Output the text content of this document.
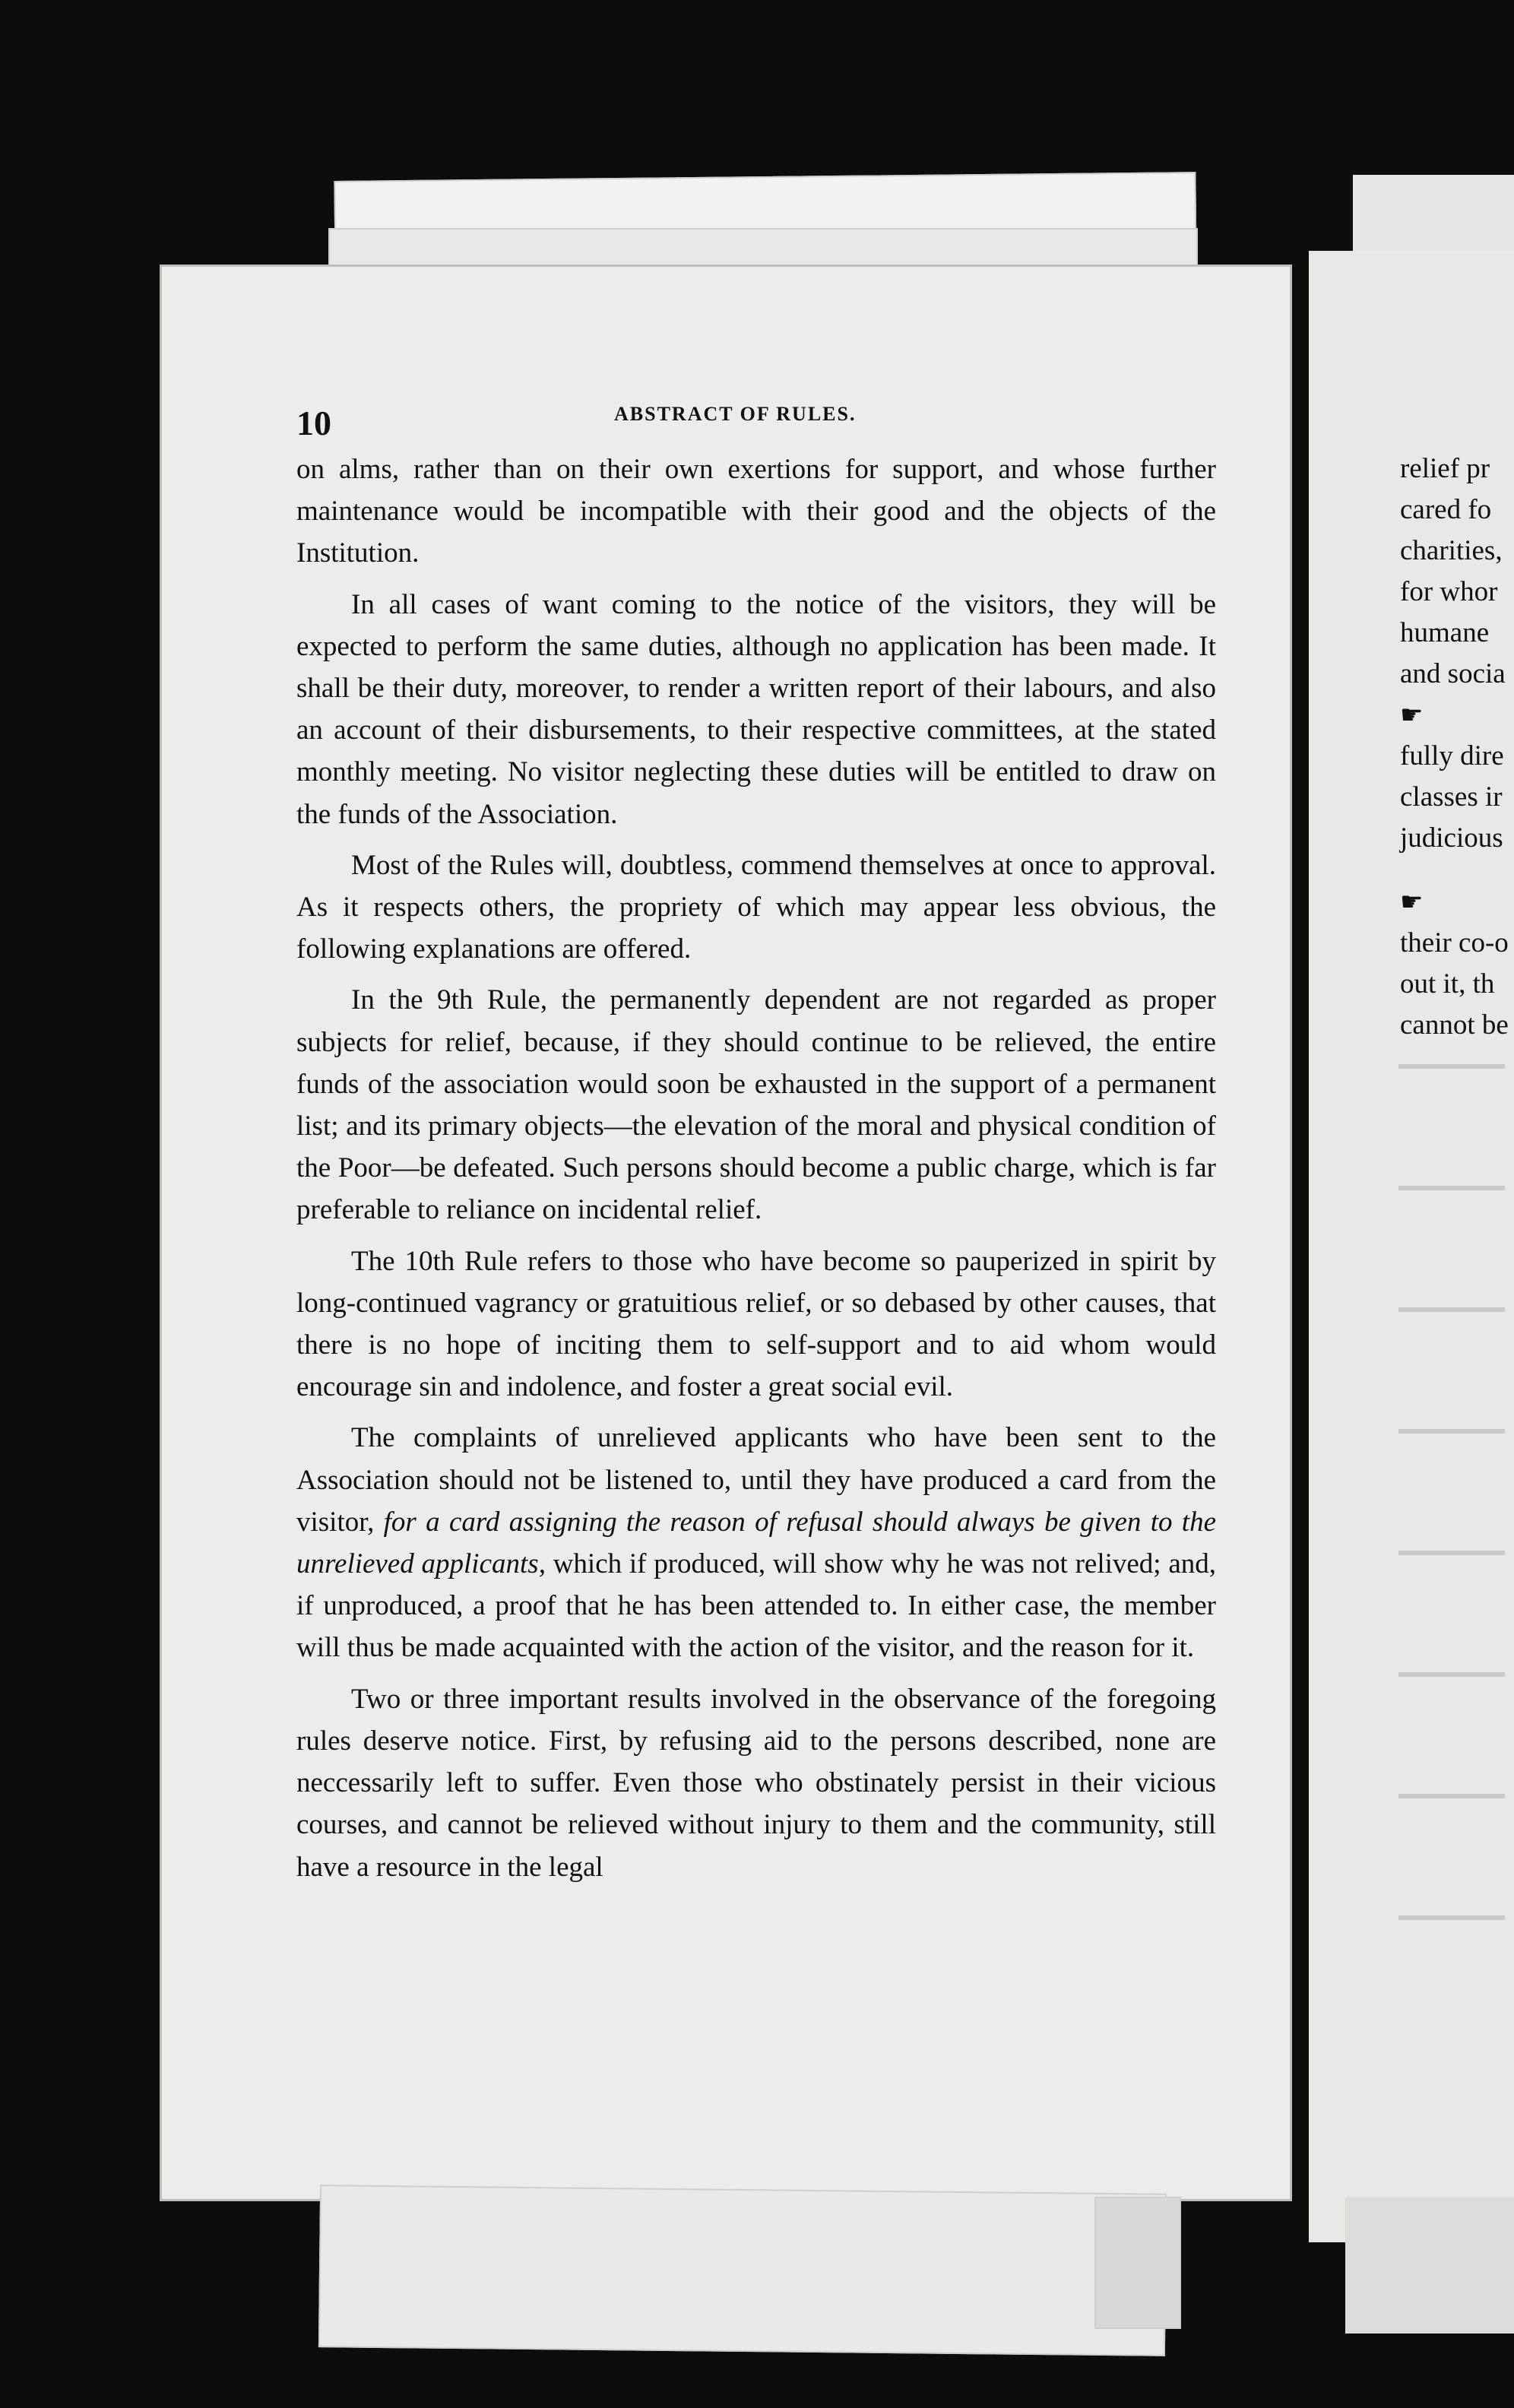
10	ABSTRACT OF RULES.

on alms, rather than on their own exertions for support, and whose further maintenance would be incompatible with their good and the objects of the Institution.

In all cases of want coming to the notice of the visitors, they will be expected to perform the same duties, although no application has been made. It shall be their duty, moreover, to render a written report of their labours, and also an account of their disbursements, to their respective committees, at the stated monthly meeting. No visitor neglecting these duties will be entitled to draw on the funds of the Association.

Most of the Rules will, doubtless, commend themselves at once to approval. As it respects others, the propriety of which may appear less obvious, the following explanations are offered.

In the 9th Rule, the permanently dependent are not regarded as proper subjects for relief, because, if they should continue to be relieved, the entire funds of the association would soon be exhausted in the support of a permanent list; and its primary objects—the elevation of the moral and physical condition of the Poor—be defeated. Such persons should become a public charge, which is far preferable to reliance on incidental relief.

The 10th Rule refers to those who have become so pauperized in spirit by long-continued vagrancy or gratuitious relief, or so debased by other causes, that there is no hope of inciting them to self-support and to aid whom would encourage sin and indolence, and foster a great social evil.

The complaints of unrelieved applicants who have been sent to the Association should not be listened to, until they have produced a card from the visitor, for a card assigning the reason of refusal should always be given to the unrelieved applicants, which if produced, will show why he was not relived; and, if unproduced, a proof that he has been attended to. In either case, the member will thus be made acquainted with the action of the visitor, and the reason for it.

Two or three important results involved in the observance of the foregoing rules deserve notice. First, by refusing aid to the persons described, none are neccessarily left to suffer. Even those who obstinately persist in their vicious courses, and cannot be relieved without injury to them and the community, still have a resource in the legal

relief pr
cared fo
charities,
for whor
humane
and socia
☛
fully dire
classes ir
judicious
☛
their co-o
out it, th
cannot be
